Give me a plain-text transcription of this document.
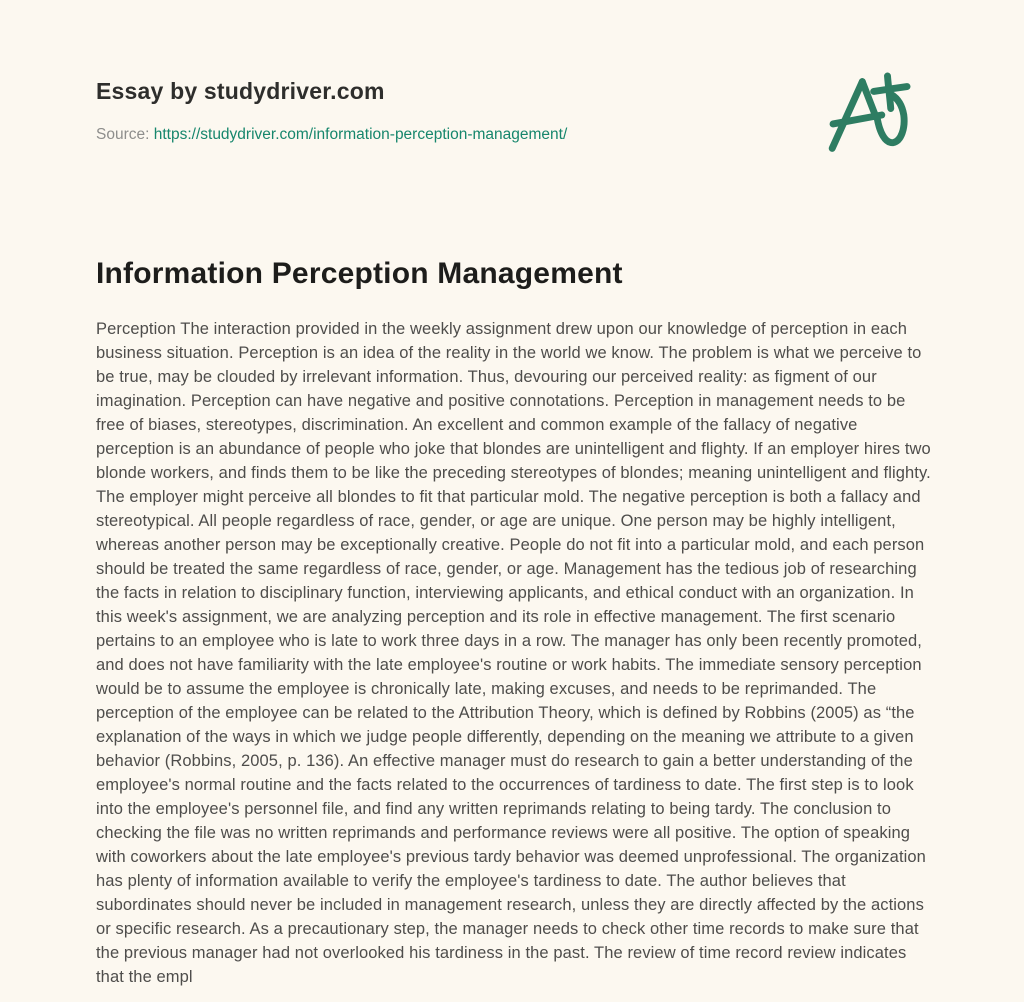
Essay by studydriver.com
Source: https://studydriver.com/information-perception-management/
Information Perception Management

Perception The interaction provided in the weekly assignment drew upon our knowledge of perception in each business situation. Perception is an idea of the reality in the world we know. The problem is what we perceive to be true, may be clouded by irrelevant information. Thus, devouring our perceived reality: as figment of our imagination. Perception can have negative and positive connotations. Perception in management needs to be free of biases, stereotypes, discrimination. An excellent and common example of the fallacy of negative perception is an abundance of people who joke that blondes are unintelligent and flighty. If an employer hires two blonde workers, and finds them to be like the preceding stereotypes of blondes; meaning unintelligent and flighty. The employer might perceive all blondes to fit that particular mold. The negative perception is both a fallacy and stereotypical. All people regardless of race, gender, or age are unique. One person may be highly intelligent, whereas another person may be exceptionally creative. People do not fit into a particular mold, and each person should be treated the same regardless of race, gender, or age. Management has the tedious job of researching the facts in relation to disciplinary function, interviewing applicants, and ethical conduct with an organization. In this week's assignment, we are analyzing perception and its role in effective management. The first scenario pertains to an employee who is late to work three days in a row. The manager has only been recently promoted, and does not have familiarity with the late employee's routine or work habits. The immediate sensory perception would be to assume the employee is chronically late, making excuses, and needs to be reprimanded. The perception of the employee can be related to the Attribution Theory, which is defined by Robbins (2005) as “the explanation of the ways in which we judge people differently, depending on the meaning we attribute to a given behavior (Robbins, 2005, p. 136). An effective manager must do research to gain a better understanding of the employee's normal routine and the facts related to the occurrences of tardiness to date. The first step is to look into the employee's personnel file, and find any written reprimands relating to being tardy. The conclusion to checking the file was no written reprimands and performance reviews were all positive. The option of speaking with coworkers about the late employee's previous tardy behavior was deemed unprofessional. The organization has plenty of information available to verify the employee's tardiness to date. The author believes that subordinates should never be included in management research, unless they are directly affected by the actions or specific research. As a precautionary step, the manager needs to check other time records to make sure that the previous manager had not overlooked his tardiness in the past. The review of time record review indicates that the empl
